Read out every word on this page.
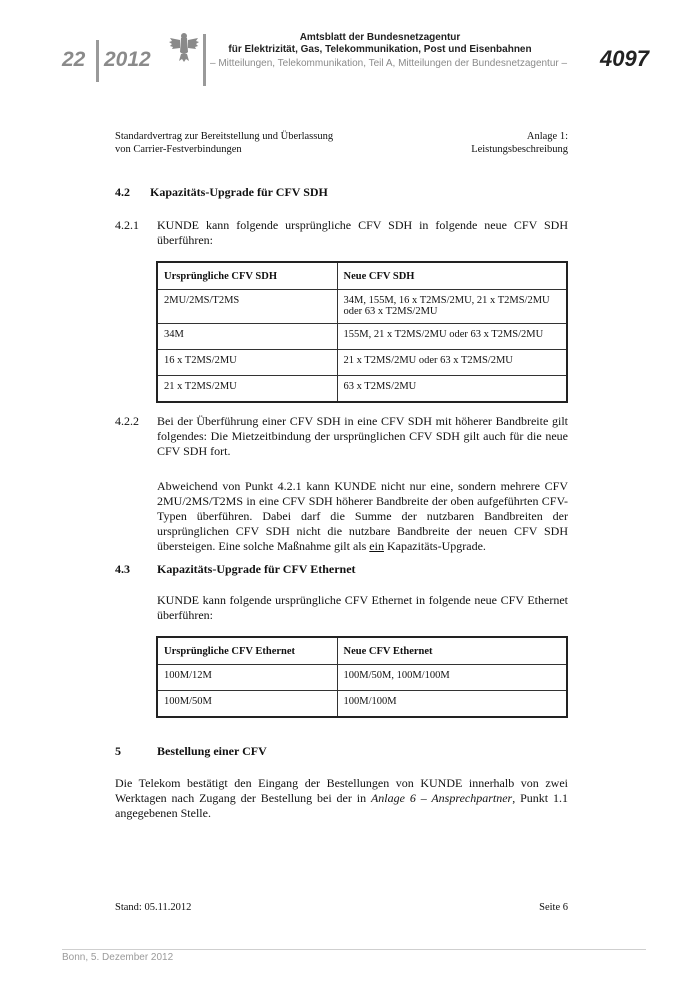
22 2012
Amtsblatt der Bundesnetzagentur
für Elektrizität, Gas, Telekommunikation, Post und Eisenbahnen
– Mitteilungen, Telekommunikation, Teil A, Mitteilungen der Bundesnetzagentur – 4097
Standardvertrag zur Bereitstellung und Überlassung
von Carrier-Festverbindungen
Anlage 1:
Leistungsbeschreibung
4.2 Kapazitäts-Upgrade für CFV SDH
4.2.1 KUNDE kann folgende ursprüngliche CFV SDH in folgende neue CFV SDH überführen:
Ursprüngliche CFV SDH	Neue CFV SDH
2MU/2MS/T2MS	34M, 155M, 16 x T2MS/2MU, 21 x T2MS/2MU oder 63 x T2MS/2MU
34M	155M, 21 x T2MS/2MU oder 63 x T2MS/2MU
16 x T2MS/2MU	21 x T2MS/2MU oder 63 x T2MS/2MU
21 x T2MS/2MU	63 x T2MS/2MU
4.2.2 Bei der Überführung einer CFV SDH in eine CFV SDH mit höherer Bandbreite gilt folgendes: Die Mietzeitbindung der ursprünglichen CFV SDH gilt auch für die neue CFV SDH fort.
Abweichend von Punkt 4.2.1 kann KUNDE nicht nur eine, sondern mehrere CFV 2MU/2MS/T2MS in eine CFV SDH höherer Bandbreite der oben aufgeführten CFV-Typen überführen. Dabei darf die Summe der nutzbaren Bandbreiten der ursprünglichen CFV SDH nicht die nutzbare Bandbreite der neuen CFV SDH übersteigen. Eine solche Maßnahme gilt als ein Kapazitäts-Upgrade.
4.3 Kapazitäts-Upgrade für CFV Ethernet
KUNDE kann folgende ursprüngliche CFV Ethernet in folgende neue CFV Ethernet überführen:
Ursprüngliche CFV Ethernet	Neue CFV Ethernet
100M/12M	100M/50M, 100M/100M
100M/50M	100M/100M
5	Bestellung einer CFV
Die Telekom bestätigt den Eingang der Bestellungen von KUNDE innerhalb von zwei Werktagen nach Zugang der Bestellung bei der in Anlage 6 – Ansprechpartner, Punkt 1.1 angegebenen Stelle.
Stand: 05.11.2012	Seite 6
Bonn, 5. Dezember 2012
